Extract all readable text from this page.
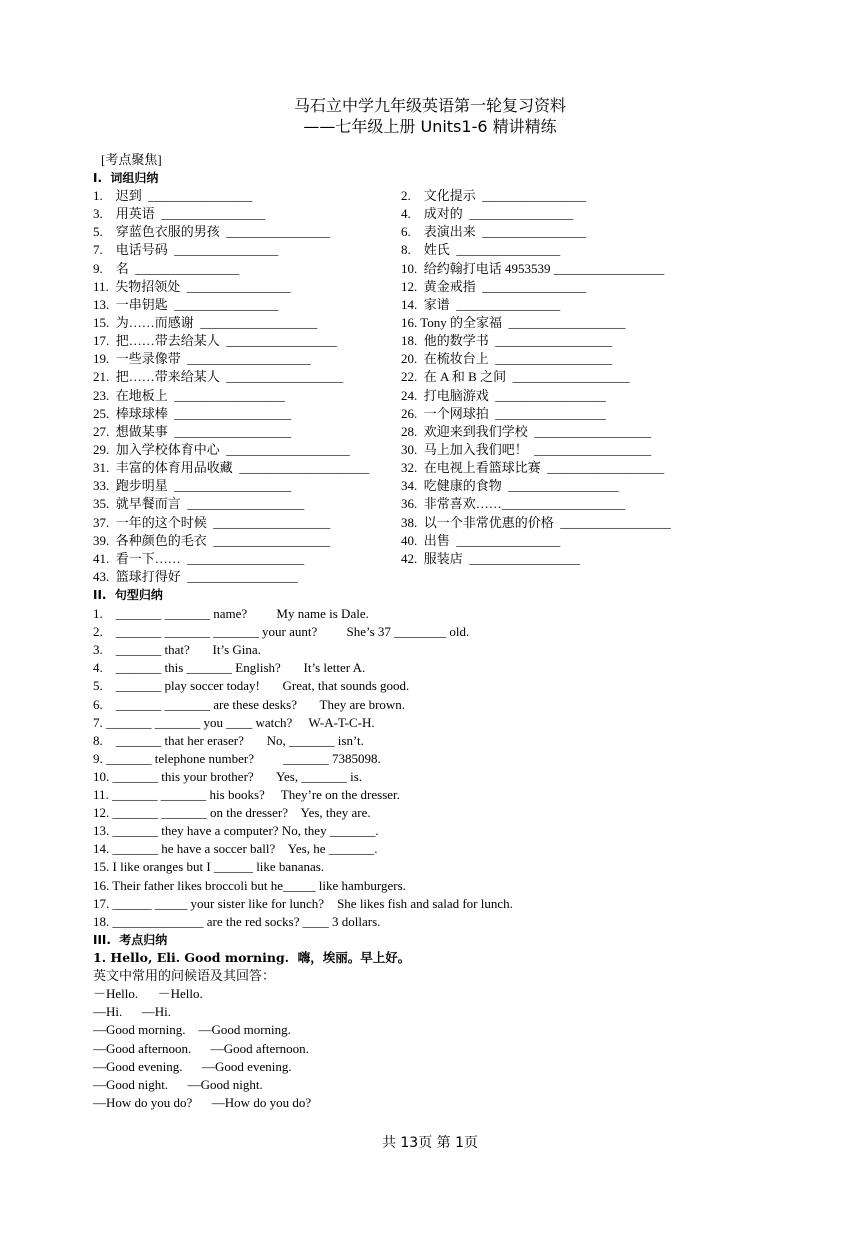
马石立中学九年级英语第一轮复习资料
——七年级上册 Units1-6 精讲精练
[考点聚焦]
I.  词组归纳
1.    迟到  ________________
3.    用英语  ________________
5.    穿蓝色衣服的男孩  ________________
7.    电话号码  ________________
9.    名  ________________
11.  失物招领处  ________________
13.  一串钥匙  ________________
15.  为……而感谢  __________________
17.  把……带去给某人  _________________
19.  一些录像带  ___________________
21.  把……带来给某人  __________________
23.  在地板上  _________________
25.  棒球球棒  __________________
27.  想做某事  __________________
29.  加入学校体育中心  ___________________
31.  丰富的体育用品收藏  ____________________
33.  跑步明星  __________________
35.  就早餐而言  __________________
37.  一年的这个时候  __________________
39.  各种颜色的毛衣  __________________
41.  看一下……  __________________
43.  篮球打得好  _________________
2.    文化提示  ________________
4.    成对的  ________________
6.    表演出来  ________________
8.    姓氏  ________________
10.  给约翰打电话 4953539 _________________
12.  黄金戒指  ________________
14.  家谱  ________________
16. Tony 的全家福  __________________
18.  他的数学书  __________________
20.  在梳妆台上  __________________
22.  在 A 和 B 之间  __________________
24.  打电脑游戏  _________________
26.  一个网球拍  _________________
28.  欢迎来到我们学校  __________________
30.  马上加入我们吧！  __________________
32.  在电视上看篮球比赛  __________________
34.  吃健康的食物  _________________
36.  非常喜欢……___________________
38.  以一个非常优惠的价格  _________________
40.  出售  ________________
42.  服装店  _________________
II.  句型归纳
1.    _______ _______ name?         My name is Dale.
2.    _______ _______ _______ your aunt?         She’s 37 ________ old.
3.    _______ that?       It’s Gina.
4.    _______ this _______ English?       It’s letter A.
5.    _______ play soccer today!       Great, that sounds good.
6.    _______ _______ are these desks?       They are brown.
7. _______ _______ you ____ watch?     W-A-T-C-H.
8.    _______ that her eraser?       No, _______ isn’t.
9. _______ telephone number?         _______ 7385098.
10. _______ this your brother?       Yes, _______ is.
11. _______ _______ his books?     They’re on the dresser.
12. _______ _______ on the dresser?    Yes, they are.
13. _______ they have a computer? No, they _______.
14. _______ he have a soccer ball?    Yes, he _______.
15. I like oranges but I ______ like bananas.
16. Their father likes broccoli but he_____ like hamburgers.
17. ______ _____ your sister like for lunch?    She likes fish and salad for lunch.
18. ______________ are the red socks? ____ 3 dollars.
III.  考点归纳
1. Hello, Eli. Good morning.  嗨，埃丽。早上好。
英文中常用的问候语及其回答：
－Hello.      －Hello.
—Hi.      —Hi.
—Good morning.    —Good morning.
—Good afternoon.      —Good afternoon.
—Good evening.      —Good evening.
—Good night.      —Good night.
—How do you do?      —How do you do?
共 13页 第 1页
